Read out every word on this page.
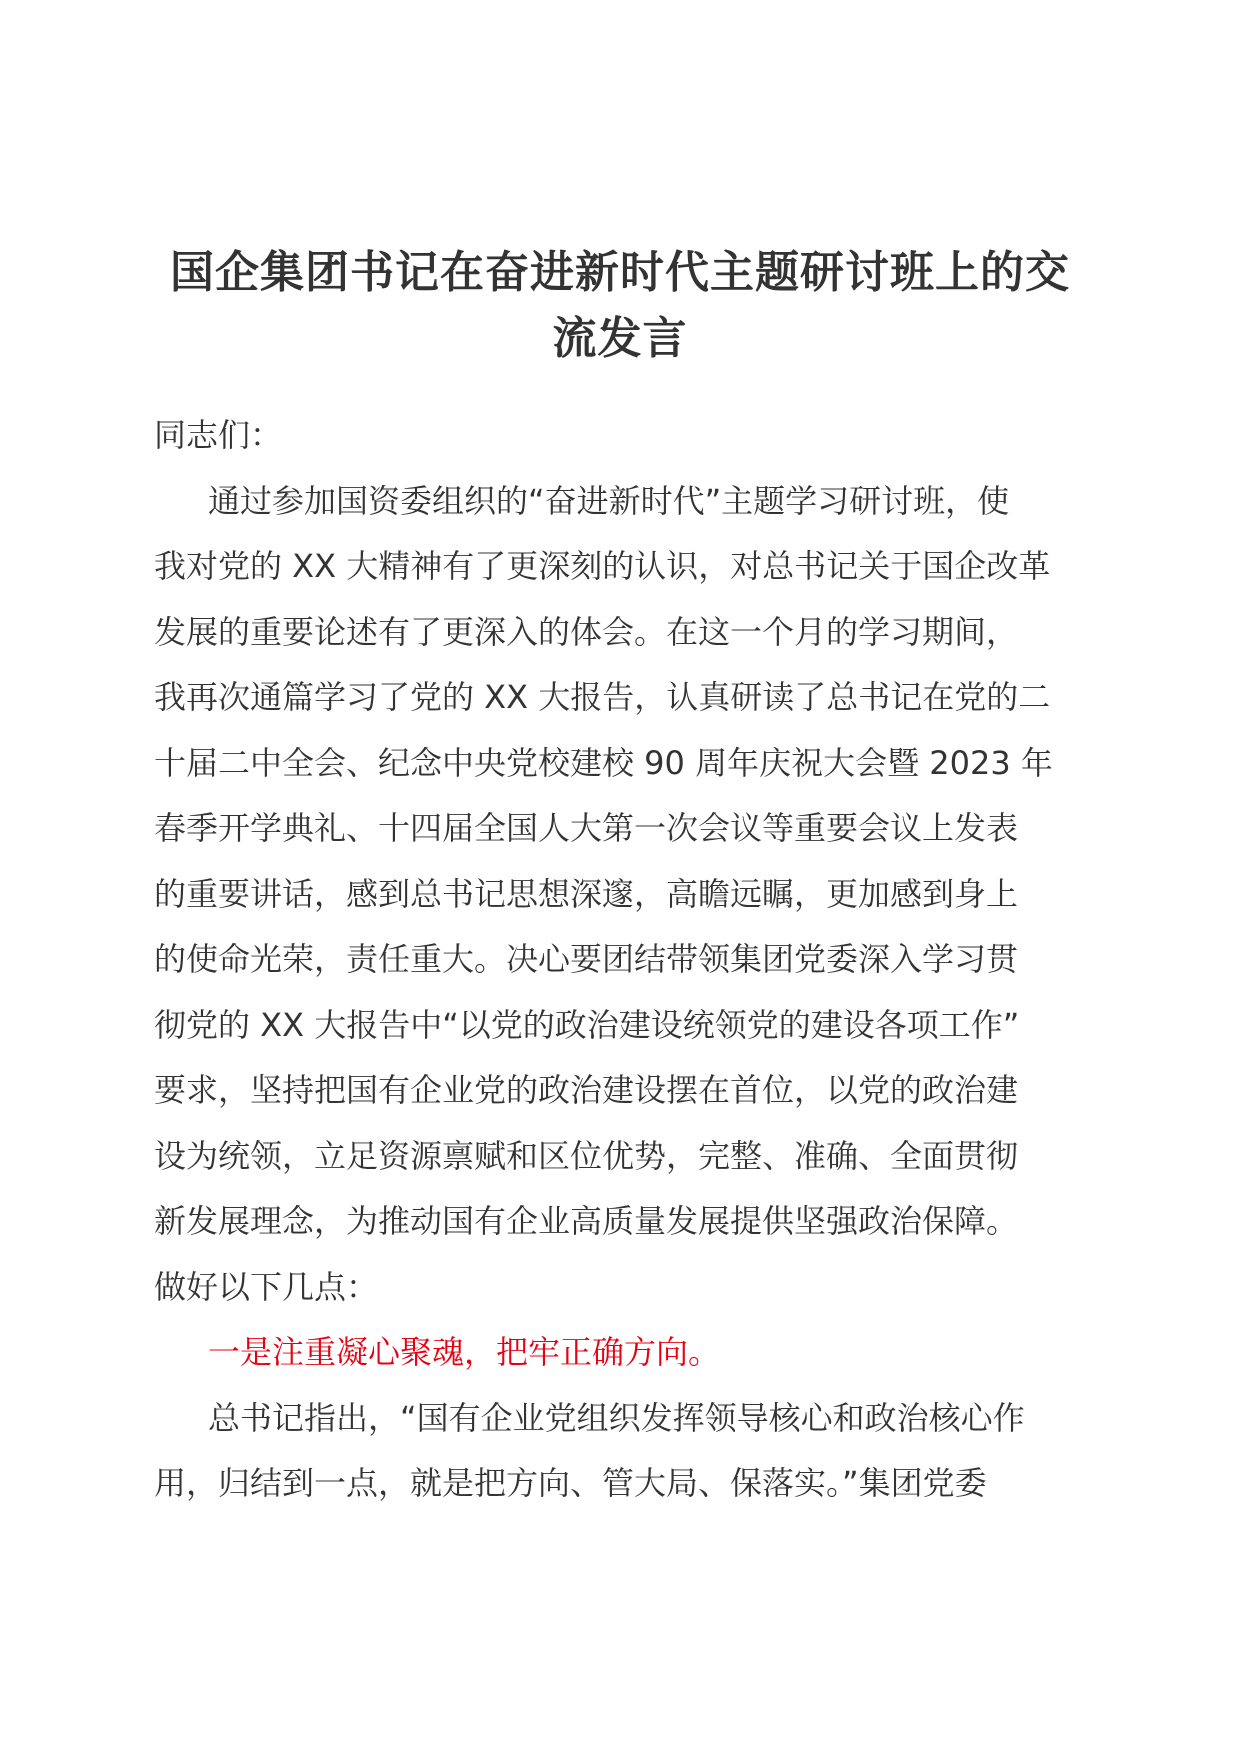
国企集团书记在奋进新时代主题研讨班上的交
流发言
同志们：
通过参加国资委组织的“奋进新时代”主题学习研讨班，使
我对党的 XX 大精神有了更深刻的认识，对总书记关于国企改革
发展的重要论述有了更深入的体会。在这一个月的学习期间，
我再次通篇学习了党的 XX 大报告，认真研读了总书记在党的二
十届二中全会、纪念中央党校建校 90 周年庆祝大会暨 2023 年
春季开学典礼、十四届全国人大第一次会议等重要会议上发表
的重要讲话，感到总书记思想深邃，高瞻远瞩，更加感到身上
的使命光荣，责任重大。决心要团结带领集团党委深入学习贯
彻党的 XX 大报告中“以党的政治建设统领党的建设各项工作”
要求，坚持把国有企业党的政治建设摆在首位，以党的政治建
设为统领，立足资源禀赋和区位优势，完整、准确、全面贯彻
新发展理念，为推动国有企业高质量发展提供坚强政治保障。
做好以下几点：
一是注重凝心聚魂，把牢正确方向。
总书记指出，“国有企业党组织发挥领导核心和政治核心作
用，归结到一点，就是把方向、管大局、保落实。”集团党委
